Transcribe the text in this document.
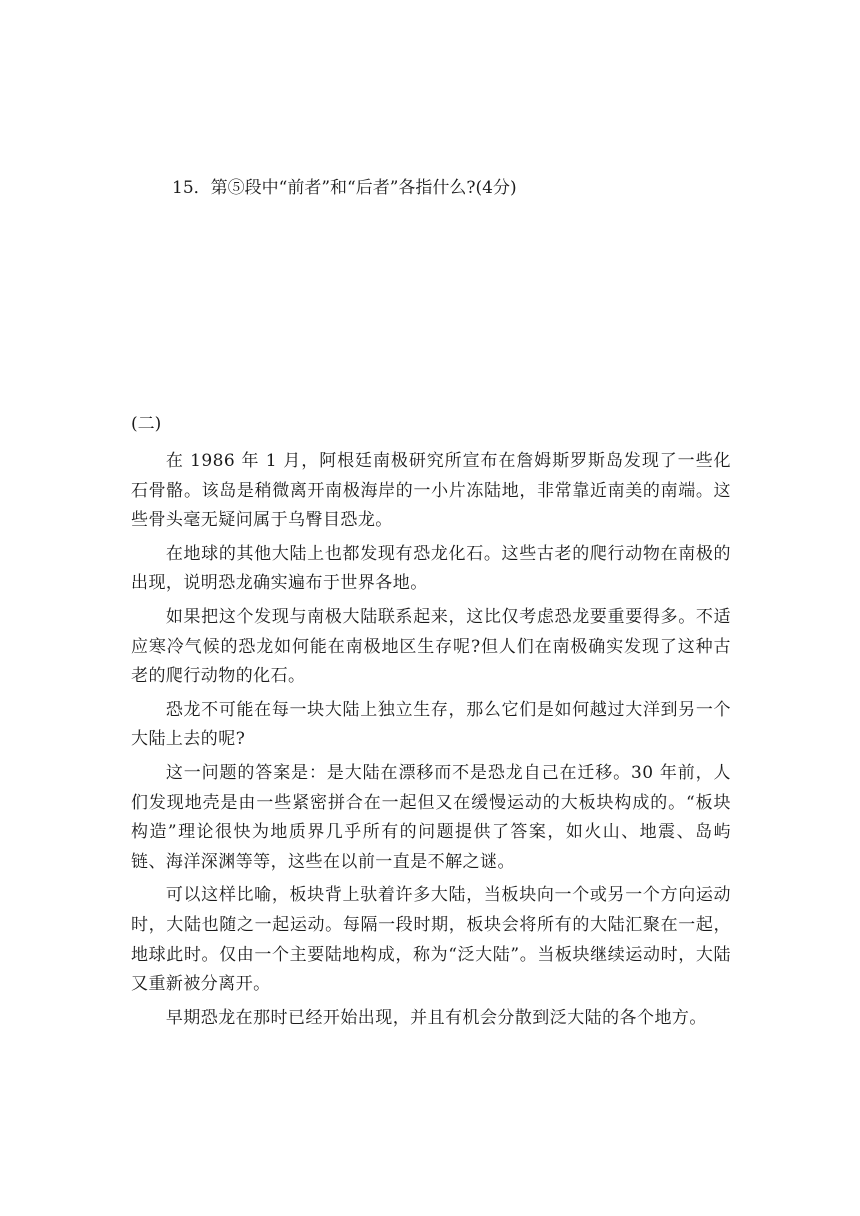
15．第⑤段中“前者”和“后者”各指什么?(4分)
(二)

在 1986 年 1 月，阿根廷南极研究所宣布在詹姆斯罗斯岛发现了一些化石骨骼。该岛是稍微离开南极海岸的一小片冻陆地，非常靠近南美的南端。这些骨头毫无疑问属于乌臀目恐龙。

在地球的其他大陆上也都发现有恐龙化石。这些古老的爬行动物在南极的出现，说明恐龙确实遍布于世界各地。

如果把这个发现与南极大陆联系起来，这比仅考虑恐龙要重要得多。不适应寒冷气候的恐龙如何能在南极地区生存呢?但人们在南极确实发现了这种古老的爬行动物的化石。

恐龙不可能在每一块大陆上独立生存，那么它们是如何越过大洋到另一个大陆上去的呢?

这一问题的答案是：是大陆在漂移而不是恐龙自己在迁移。30 年前，人们发现地壳是由一些紧密拼合在一起但又在缓慢运动的大板块构成的。“板块构造”理论很快为地质界几乎所有的问题提供了答案，如火山、地震、岛屿链、海洋深渊等等，这些在以前一直是不解之谜。

可以这样比喻，板块背上驮着许多大陆，当板块向一个或另一个方向运动时，大陆也随之一起运动。每隔一段时期，板块会将所有的大陆汇聚在一起，地球此时。仅由一个主要陆地构成，称为“泛大陆”。当板块继续运动时，大陆又重新被分离开。

早期恐龙在那时已经开始出现，并且有机会分散到泛大陆的各个地方。
